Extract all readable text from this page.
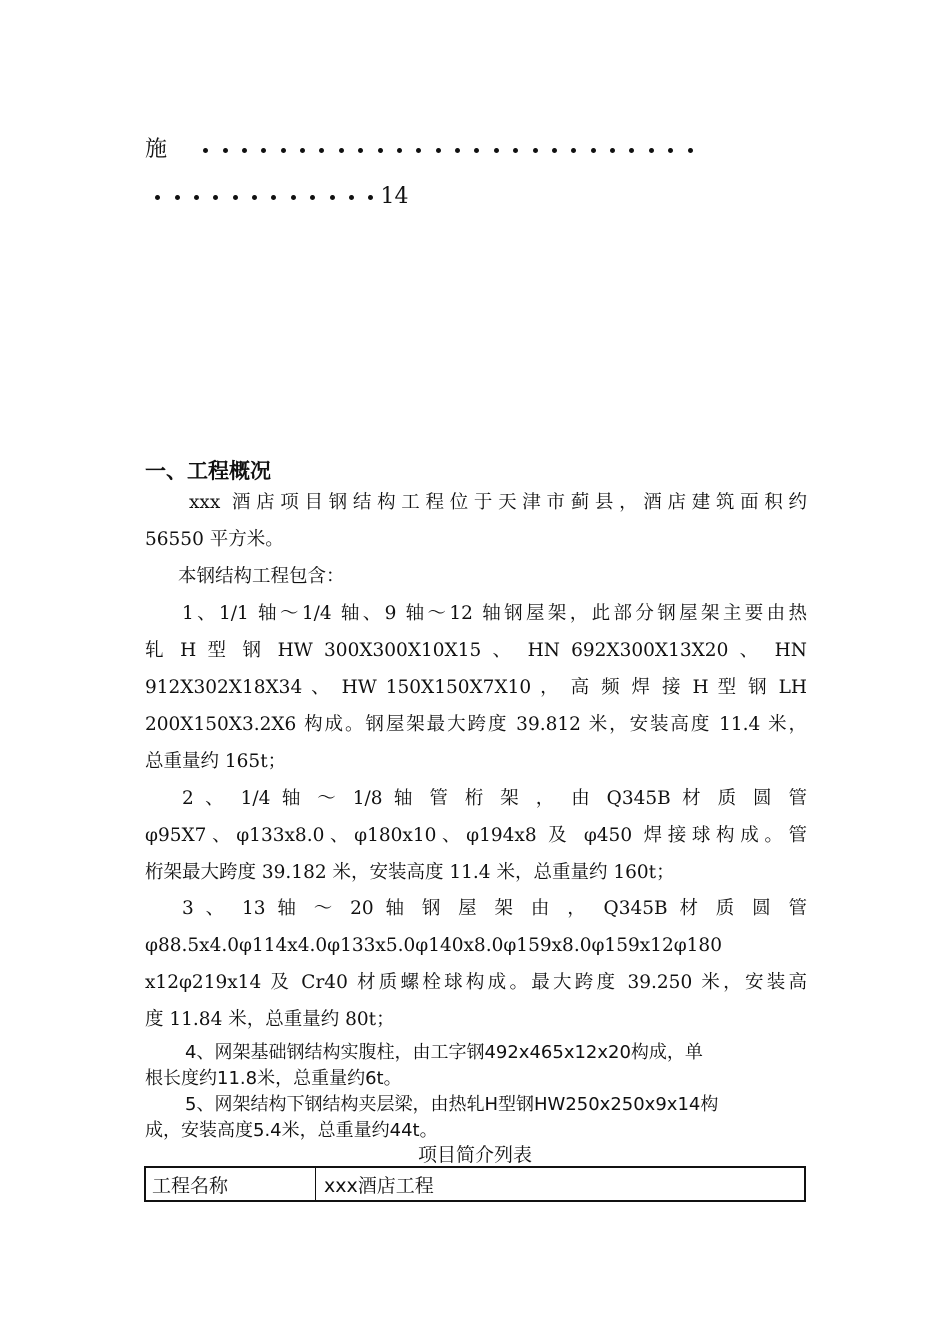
施
14
一、工程概况
xxx 酒店项目钢结构工程位于天津市蓟县，酒店建筑面积约
56550 平方米。
本钢结构工程包含：
1、1/1 轴～1/4 轴、9 轴～12 轴钢屋架，此部分钢屋架主要由热
轧 H 型 钢 HW 300X300X10X15 、 HN 692X300X13X20 、 HN
912X302X18X34 、 HW 150X150X7X10 ， 高 频 焊 接 H 型 钢 LH
200X150X3.2X6 构成。钢屋架最大跨度 39.812 米，安装高度 11.4 米，
总重量约 165t；
2 、 1/4 轴 ～ 1/8 轴 管 桁 架 ， 由 Q345B 材 质 圆 管
φ95X7、φ133x8.0、φ180x10、φ194x8 及 φ450 焊接球构成。管
桁架最大跨度 39.182 米，安装高度 11.4 米，总重量约 160t；
3 、 13 轴 ～ 20 轴 钢 屋 架 由 ， Q345B 材 质 圆 管
φ88.5x4.0φ114x4.0φ133x5.0φ140x8.0φ159x8.0φ159x12φ180
x12φ219x14 及 Cr40 材质螺栓球构成。最大跨度 39.250 米，安装高
度 11.84 米，总重量约 80t；
4、网架基础钢结构实腹柱，由工字钢492x465x12x20构成，单
根长度约11.8米，总重量约6t。
5、网架结构下钢结构夹层梁，由热轧H型钢HW250x250x9x14构
成，安装高度5.4米，总重量约44t。
项目简介列表
工程名称	xxx酒店工程
